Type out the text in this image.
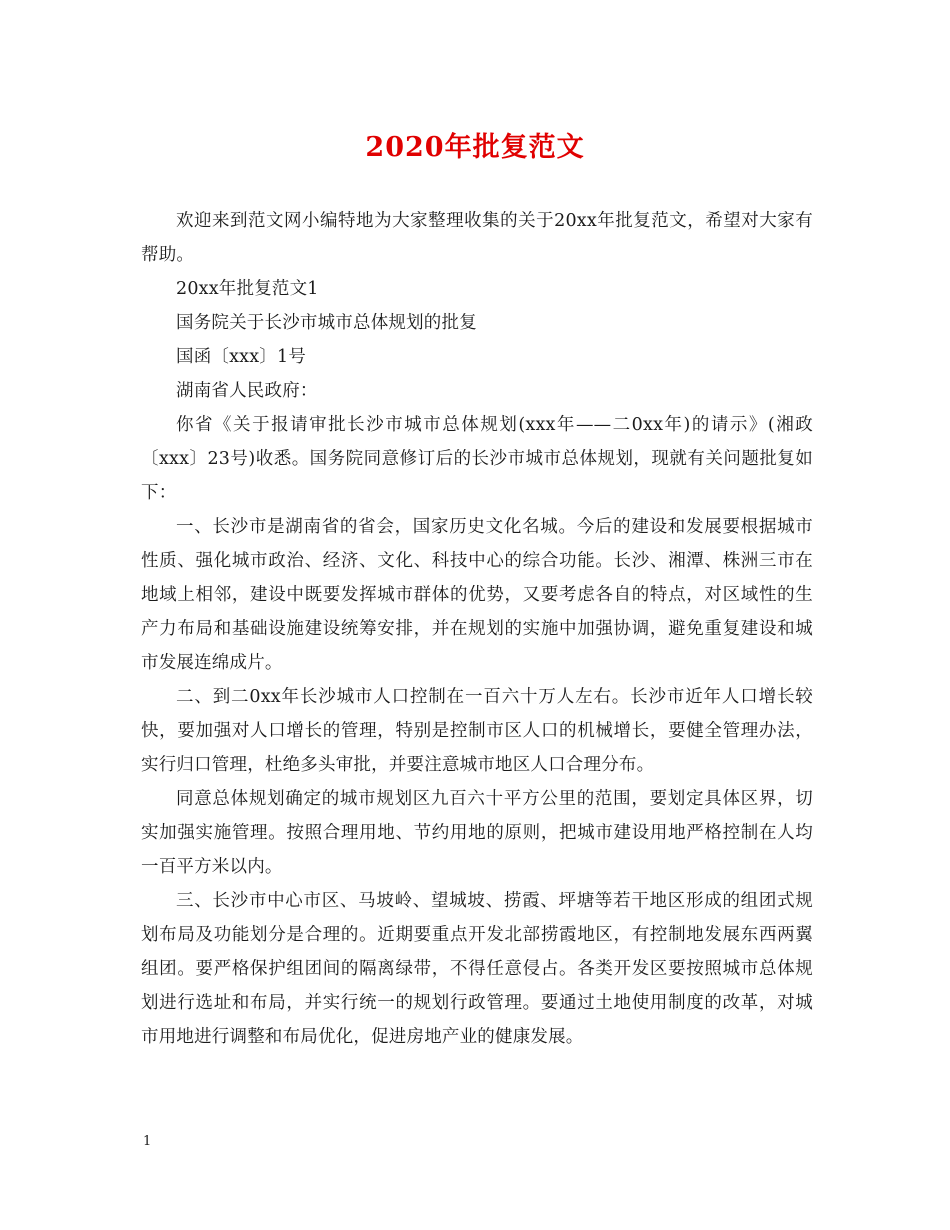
2020年批复范文

欢迎来到范文网小编特地为大家整理收集的关于20xx年批复范文，希望对大家有帮助。

20xx年批复范文1

国务院关于长沙市城市总体规划的批复

国函〔xxx〕1号

湖南省人民政府：

你省《关于报请审批长沙市城市总体规划(xxx年——二0xx年)的请示》(湘政〔xxx〕23号)收悉。国务院同意修订后的长沙市城市总体规划，现就有关问题批复如下：

一、长沙市是湖南省的省会，国家历史文化名城。今后的建设和发展要根据城市性质、强化城市政治、经济、文化、科技中心的综合功能。长沙、湘潭、株洲三市在地域上相邻，建设中既要发挥城市群体的优势，又要考虑各自的特点，对区域性的生产力布局和基础设施建设统筹安排，并在规划的实施中加强协调，避免重复建设和城市发展连绵成片。

二、到二0xx年长沙城市人口控制在一百六十万人左右。长沙市近年人口增长较快，要加强对人口增长的管理，特别是控制市区人口的机械增长，要健全管理办法，实行归口管理，杜绝多头审批，并要注意城市地区人口合理分布。

同意总体规划确定的城市规划区九百六十平方公里的范围，要划定具体区界，切实加强实施管理。按照合理用地、节约用地的原则，把城市建设用地严格控制在人均一百平方米以内。

三、长沙市中心市区、马坡岭、望城坡、捞霞、坪塘等若干地区形成的组团式规划布局及功能划分是合理的。近期要重点开发北部捞霞地区，有控制地发展东西两翼组团。要严格保护组团间的隔离绿带，不得任意侵占。各类开发区要按照城市总体规划进行选址和布局，并实行统一的规划行政管理。要通过土地使用制度的改革，对城市用地进行调整和布局优化，促进房地产业的健康发展。

1
